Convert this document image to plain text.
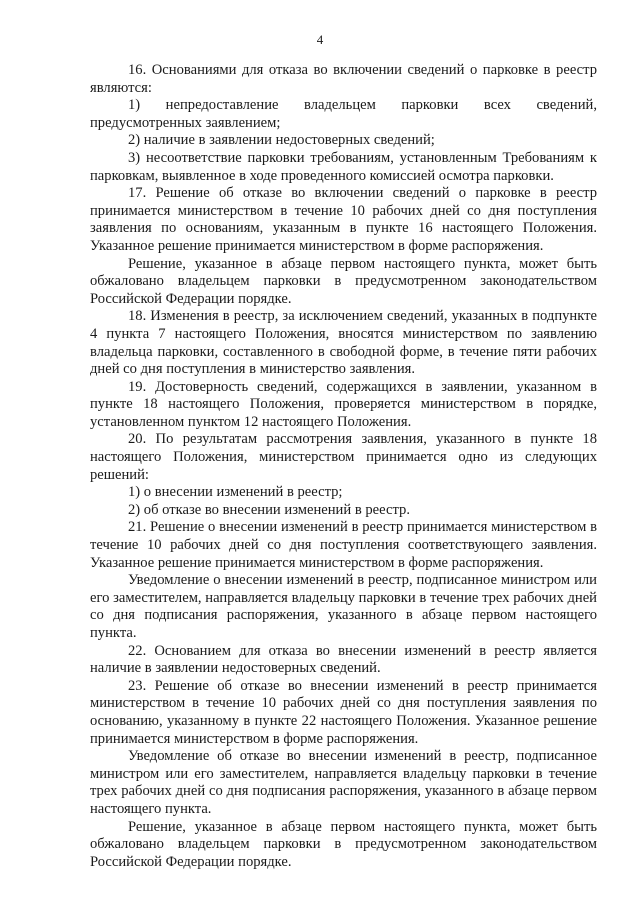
4

16. Основаниями для отказа во включении сведений о парковке в реестр являются:

1) непредоставление владельцем парковки всех сведений, предусмотренных заявлением;

2) наличие в заявлении недостоверных сведений;

3) несоответствие парковки требованиям, установленным Требованиям к парковкам, выявленное в ходе проведенного комиссией осмотра парковки.

17. Решение об отказе во включении сведений о парковке в реестр принимается министерством в течение 10 рабочих дней со дня поступления заявления по основаниям, указанным в пункте 16 настоящего Положения. Указанное решение принимается министерством в форме распоряжения.

Решение, указанное в абзаце первом настоящего пункта, может быть обжаловано владельцем парковки в предусмотренном законодательством Российской Федерации порядке.

18. Изменения в реестр, за исключением сведений, указанных в подпункте 4 пункта 7 настоящего Положения, вносятся министерством по заявлению владельца парковки, составленного в свободной форме, в течение пяти рабочих дней со дня поступления в министерство заявления.

19. Достоверность сведений, содержащихся в заявлении, указанном в пункте 18 настоящего Положения, проверяется министерством в порядке, установленном пунктом 12 настоящего Положения.

20. По результатам рассмотрения заявления, указанного в пункте 18 настоящего Положения, министерством принимается одно из следующих решений:

1) о внесении изменений в реестр;

2) об отказе во внесении изменений в реестр.

21. Решение о внесении изменений в реестр принимается министерством в течение 10 рабочих дней со дня поступления соответствующего заявления. Указанное решение принимается министерством в форме распоряжения.

Уведомление о внесении изменений в реестр, подписанное министром или его заместителем, направляется владельцу парковки в течение трех рабочих дней со дня подписания распоряжения, указанного в абзаце первом настоящего пункта.

22. Основанием для отказа во внесении изменений в реестр является наличие в заявлении недостоверных сведений.

23. Решение об отказе во внесении изменений в реестр принимается министерством в течение 10 рабочих дней со дня поступления заявления по основанию, указанному в пункте 22 настоящего Положения. Указанное решение принимается министерством в форме распоряжения.

Уведомление об отказе во внесении изменений в реестр, подписанное министром или его заместителем, направляется владельцу парковки в течение трех рабочих дней со дня подписания распоряжения, указанного в абзаце первом настоящего пункта.

Решение, указанное в абзаце первом настоящего пункта, может быть обжаловано владельцем парковки в предусмотренном законодательством Российской Федерации порядке.
